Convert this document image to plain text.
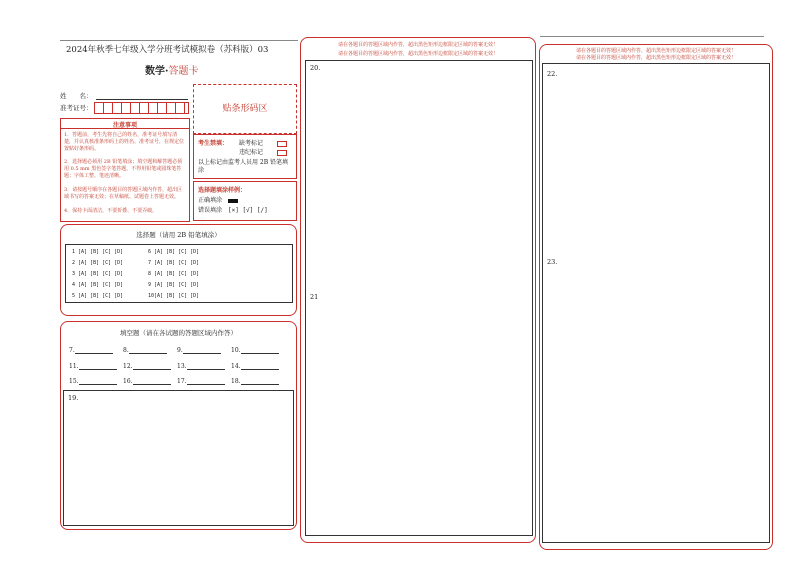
2024年秋季七年级入学分班考试模拟卷（苏科版）03
数学·答题卡
姓　　名：
准考证号：	贴条形码区
注意事项
1．答题前，考生先将自己的姓名，准考证号填写清楚，并认真核准条形码上的姓名、准考证号，在规定位置贴好条形码。
2．选择题必须用 2B 铅笔填涂；填空题和解答题必须用 0.5 mm 黑色签字笔答题，不得用铅笔或圆珠笔答题；字体工整、笔迹清晰。
3．请按题号顺序在各题目的答题区域内作答，超出区域书写的答案无效；在草稿纸、试题卷上答题无效。
4．保持卡面清洁，不要折叠、不要弄破。
考生禁填： 缺考标记
违纪标记
以上标记由监考人员用 2B 铅笔填涂
选择题填涂样例：
正确填涂
错误填涂 [×] [√] [/]
选择题（请用 2B 铅笔填涂）
1 [A] [B] [C] [D]
2 [A] [B] [C] [D]
3 [A] [B] [C] [D]
4 [A] [B] [C] [D]
5 [A] [B] [C] [D]
6 [A] [B] [C] [D]
7 [A] [B] [C] [D]
8 [A] [B] [C] [D]
9 [A] [B] [C] [D]
10[A] [B] [C] [D]
填空题（请在各试题的答题区域内作答）
7.	8.	9.	10.
11.	12.	13.	14.
15.	16.	17.	18.
19.
请在各题目的答题区域内作答，超出黑色矩形边框限定区域的答案无效！
请在各题目的答题区域内作答，超出黑色矩形边框限定区域的答案无效！
20.
21
请在各题目的答题区域内作答，超出黑色矩形边框限定区域的答案无效！
请在各题目的答题区域内作答，超出黑色矩形边框限定区域的答案无效！
22.
23.
